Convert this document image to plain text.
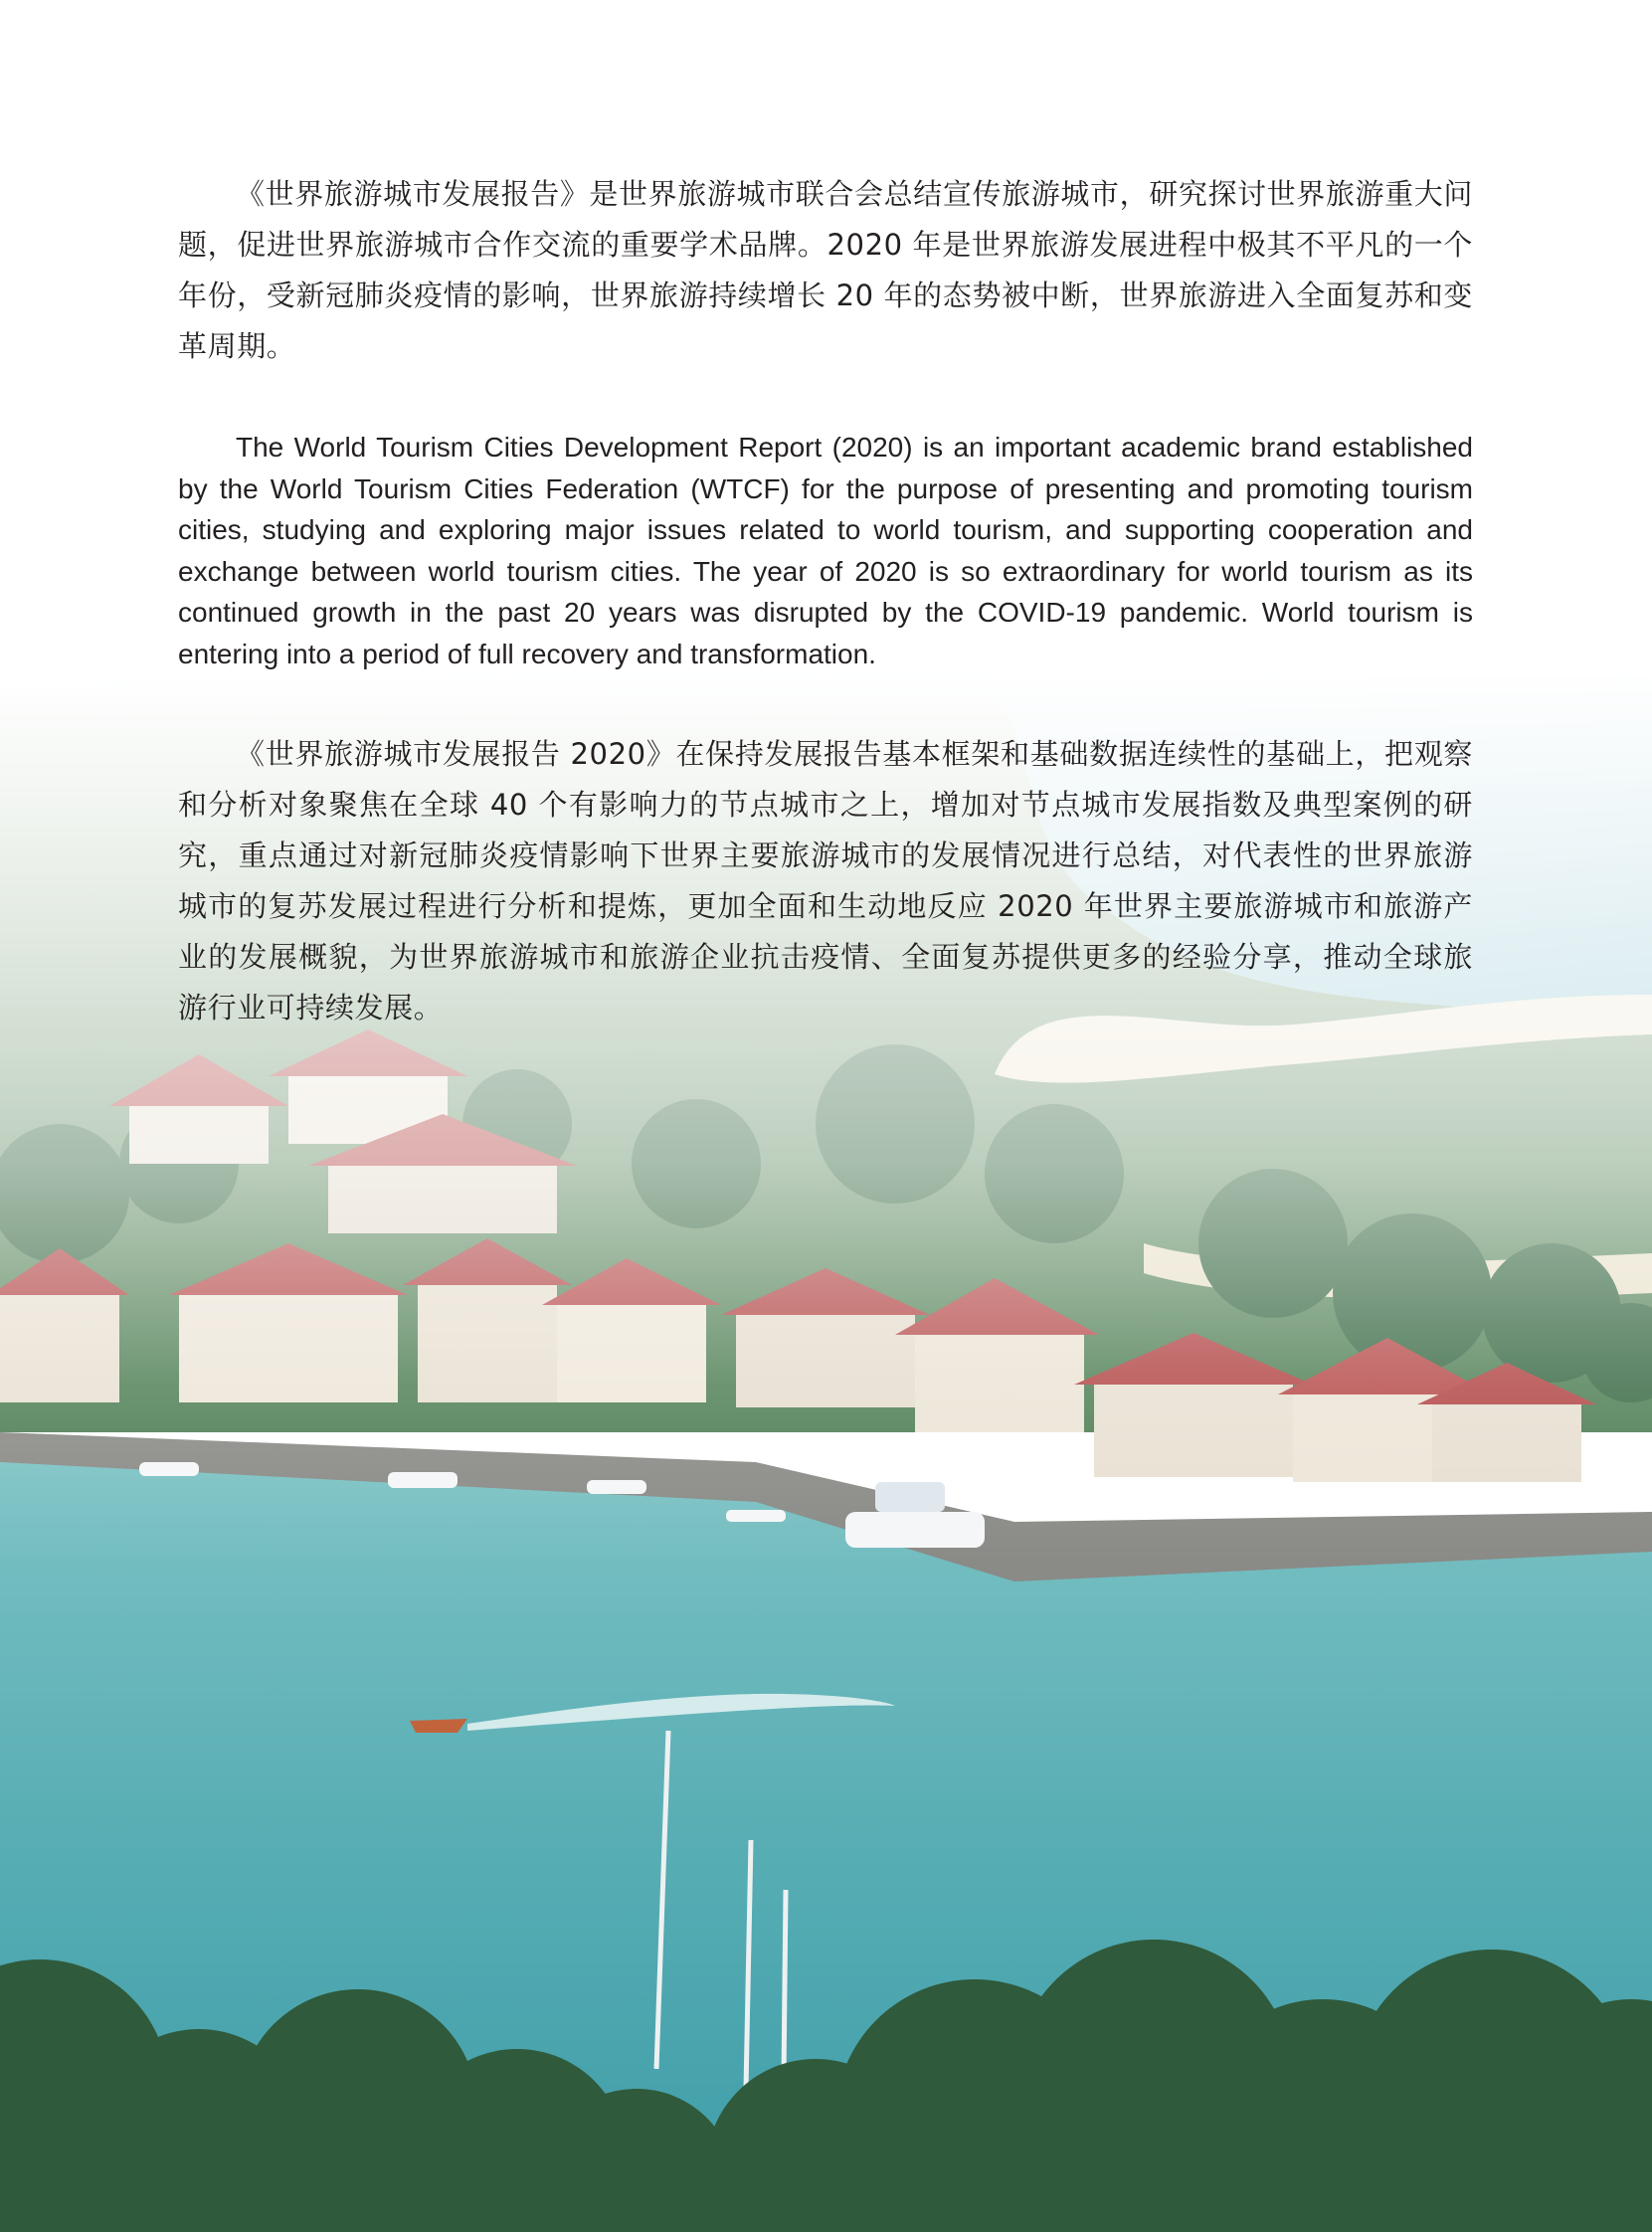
《世界旅游城市发展报告》是世界旅游城市联合会总结宣传旅游城市，研究探讨世界旅游重大问题，促进世界旅游城市合作交流的重要学术品牌。2020 年是世界旅游发展进程中极其不平凡的一个年份，受新冠肺炎疫情的影响，世界旅游持续增长 20 年的态势被中断，世界旅游进入全面复苏和变革周期。

The World Tourism Cities Development Report (2020) is an important academic brand established by the World Tourism Cities Federation (WTCF) for the purpose of presenting and promoting tourism cities, studying and exploring major issues related to world tourism, and supporting cooperation and exchange between world tourism cities. The year of 2020 is so extraordinary for world tourism as its continued growth in the past 20 years was disrupted by the COVID-19 pandemic. World tourism is entering into a period of full recovery and transformation.

《世界旅游城市发展报告 2020》在保持发展报告基本框架和基础数据连续性的基础上，把观察和分析对象聚焦在全球 40 个有影响力的节点城市之上，增加对节点城市发展指数及典型案例的研究，重点通过对新冠肺炎疫情影响下世界主要旅游城市的发展情况进行总结，对代表性的世界旅游城市的复苏发展过程进行分析和提炼，更加全面和生动地反应 2020 年世界主要旅游城市和旅游产业的发展概貌，为世界旅游城市和旅游企业抗击疫情、全面复苏提供更多的经验分享，推动全球旅游行业可持续发展。
